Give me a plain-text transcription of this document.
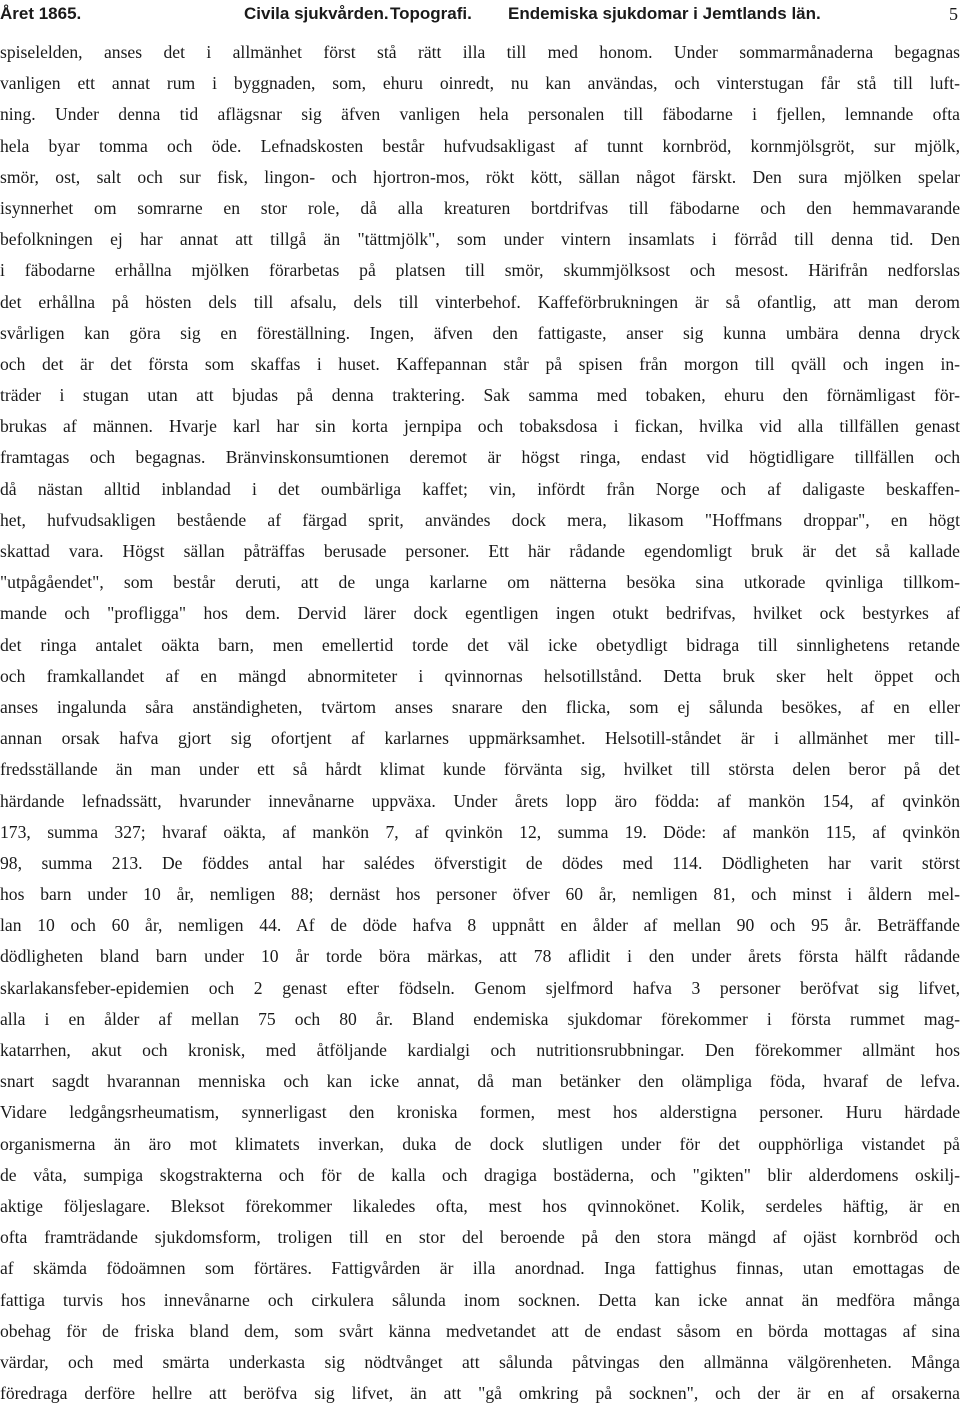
Året 1865.	Civila sjukvården. Topografi. Endemiska sjukdomar i Jemtlands län.	5
spiselelden, anses det i allmänhet först stå rätt illa till med honom. Under sommarmånaderna begagnas
vanligen ett annat rum i byggnaden, som, ehuru oinredt, nu kan användas, och vinterstugan får stå till luft-
ning. Under denna tid aflägsnar sig äfven vanligen hela personalen till fäbodarne i fjellen, lemnande ofta
hela byar tomma och öde. Lefnadskosten består hufvudsakligast af tunnt kornbröd, kornmjölsgröt, sur mjölk,
smör, ost, salt och sur fisk, lingon- och hjortron-mos, rökt kött, sällan något färskt. Den sura mjölken spelar
isynnerhet om somrarne en stor role, då alla kreaturen bortdrifvas till fäbodarne och den hemmavarande
befolkningen ej har annat att tillgå än "tättmjölk", som under vintern insamlats i förråd till denna tid. Den
i fäbodarne erhållna mjölken förarbetas på platsen till smör, skummjölksost och mesost. Härifrån nedforslas
det erhållna på hösten dels till afsalu, dels till vinterbehof. Kaffeförbrukningen är så ofantlig, att man derom
svårligen kan göra sig en föreställning. Ingen, äfven den fattigaste, anser sig kunna umbära denna dryck
och det är det första som skaffas i huset. Kaffepannan står på spisen från morgon till qväll och ingen in-
träder i stugan utan att bjudas på denna traktering. Sak samma med tobaken, ehuru den förnämligast för-
brukas af männen. Hvarje karl har sin korta jernpipa och tobaksdosa i fickan, hvilka vid alla tillfällen genast
framtagas och begagnas. Bränvinskonsumtionen deremot är högst ringa, endast vid högtidligare tillfällen och
då nästan alltid inblandad i det oumbärliga kaffet; vin, infördt från Norge och af daligaste beskaffen-
het, hufvudsakligen bestående af färgad sprit, användes dock mera, likasom "Hoffmans droppar", en högt
skattad vara. Högst sällan påträffas berusade personer. Ett här rådande egendomligt bruk är det så kallade
"utpågåendet", som består deruti, att de unga karlarne om nätterna besöka sina utkorade qvinliga tillkom-
mande och "profligga" hos dem. Dervid lärer dock egentligen ingen otukt bedrifvas, hvilket ock bestyrkes af
det ringa antalet oäkta barn, men emellertid torde det väl icke obetydligt bidraga till sinnlighetens retande
och framkallandet af en mängd abnormiteter i qvinnornas helsotillstånd. Detta bruk sker helt öppet och
anses ingalunda såra anständigheten, tvärtom anses snarare den flicka, som ej sålunda besökes, af en eller
annan orsak hafva gjort sig ofortjent af karlarnes uppmärksamhet. Helsotill-ståndet är i allmänhet mer till-
fredsställande än man under ett så hårdt klimat kunde förvänta sig, hvilket till största delen beror på det
härdande lefnadssätt, hvarunder innevånarne uppväxa. Under årets lopp äro födda: af mankön 154, af qvinkön
173, summa 327; hvaraf oäkta, af mankön 7, af qvinkön 12, summa 19. Döde: af mankön 115, af qvinkön
98, summa 213. De föddes antal har salédes öfverstigit de dödes med 114. Dödligheten har varit störst
hos barn under 10 år, nemligen 88; dernäst hos personer öfver 60 år, nemligen 81, och minst i åldern mel-
lan 10 och 60 år, nemligen 44. Af de döde hafva 8 uppnått en ålder af mellan 90 och 95 år. Beträffande
dödligheten bland barn under 10 år torde böra märkas, att 78 aflidit i den under årets första hälft rådande
skarlakansfeber-epidemien och 2 genast efter födseln. Genom sjelfmord hafva 3 personer beröfvat sig lifvet,
alla i en ålder af mellan 75 och 80 år. Bland endemiska sjukdomar förekommer i första rummet mag-
katarrhen, akut och kronisk, med åtföljande kardialgi och nutritionsrubbningar. Den förekommer allmänt hos
snart sagdt hvarannan menniska och kan icke annat, då man betänker den olämpliga föda, hvaraf de lefva.
Vidare ledgångsrheumatism, synnerligast den kroniska formen, mest hos alderstigna personer. Huru härdade
organismerna än äro mot klimatets inverkan, duka de dock slutligen under för det oupphörliga vistandet på
de våta, sumpiga skogstrakterna och för de kalla och dragiga bostäderna, och "gikten" blir alderdomens oskilj-
aktige följeslagare. Bleksot förekommer likaledes ofta, mest hos qvinnokönet. Kolik, serdeles häftig, är en
ofta framträdande sjukdomsform, troligen till en stor del beroende på den stora mängd af ojäst kornbröd och
af skämda födoämnen som förtäres. Fattigvården är illa anordnad. Inga fattighus finnas, utan emottagas de
fattiga turvis hos innevånarne och cirkulera sålunda inom socknen. Detta kan icke annat än medföra många
obehag för de friska bland dem, som svårt känna medvetandet att de endast såsom en börda mottagas af sina
värdar, och med smärta underkasta sig nödtvånget att sålunda påtvingas den allmänna välgörenheten. Många
föredraga derföre hellre att beröfva sig lifvet, än att "gå omkring på socknen", och der är en af orsakerna
